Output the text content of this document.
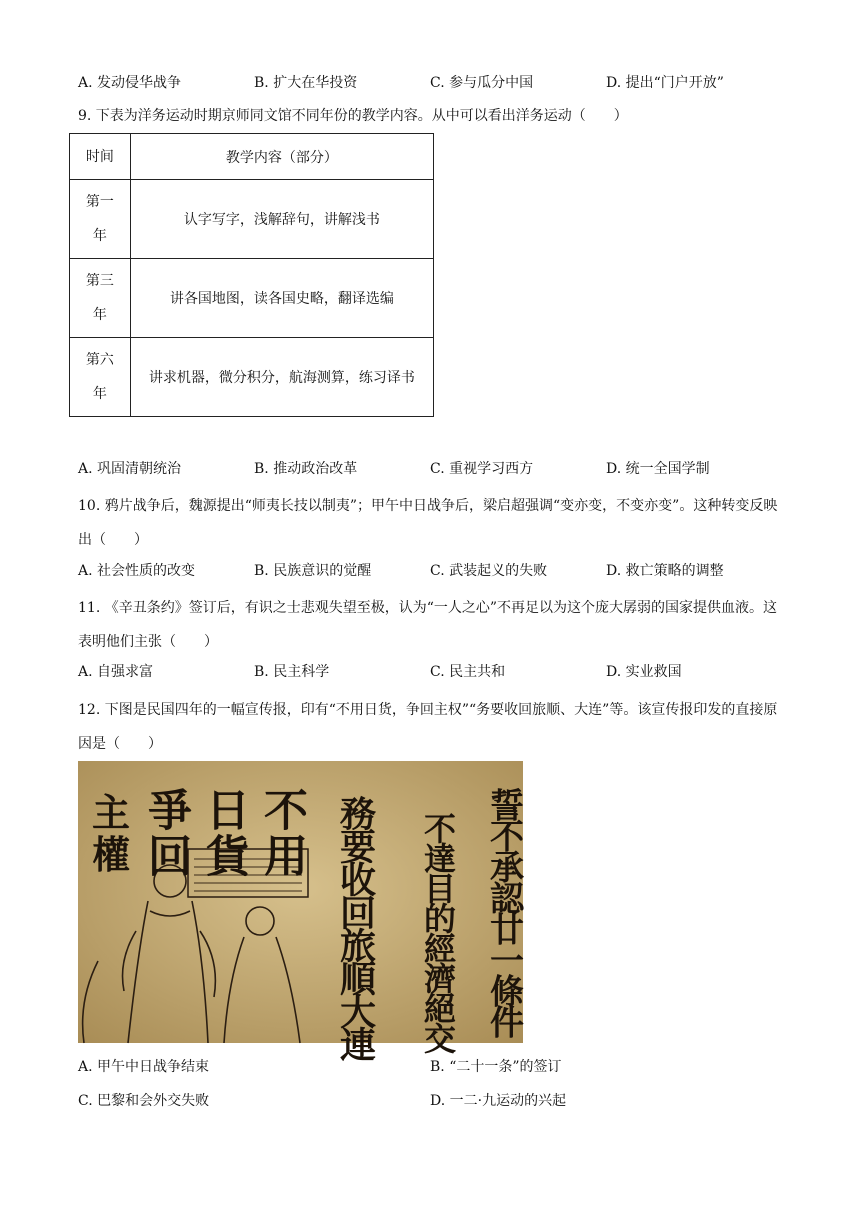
A. 发动侵华战争	B. 扩大在华投资	C. 参与瓜分中国	D. 提出“门户开放”
9. 下表为洋务运动时期京师同文馆不同年份的教学内容。从中可以看出洋务运动（　　）
时间	教学内容（部分）

第一
年	认字写字，浅解辞句，讲解浅书

第三
年	讲各国地图，读各国史略，翻译选编

第六
年	讲求机器，微分积分，航海测算，练习译书
A. 巩固清朝统治	B. 推动政治改革	C. 重视学习西方	D. 统一全国学制
10. 鸦片战争后，魏源提出“师夷长技以制夷”；甲午中日战争后，梁启超强调“变亦变，不变亦变”。这种转变反映出（　　）
A. 社会性质的改变	B. 民族意识的觉醒	C. 武装起义的失败	D. 救亡策略的调整
11. 《辛丑条约》签订后，有识之士悲观失望至极，认为“一人之心”不再足以为这个庞大孱弱的国家提供血液。这表明他们主张（　　）
A. 自强求富	B. 民主科学	C. 民主共和	D. 实业救国
12. 下图是民国四年的一幅宣传报，印有“不用日货，争回主权”“务要收回旅顺、大连”等。该宣传报印发的直接原因是（　　）
主
權
爭
回
日
貨
不
用
務
要
收
回
旅
順
大
連
不
達
目
的
經
濟
絕
交
誓
不
承
認
廿
一
條
件
A. 甲午中日战争结束	B. “二十一条”的签订
C. 巴黎和会外交失败	D. 一二·九运动的兴起
